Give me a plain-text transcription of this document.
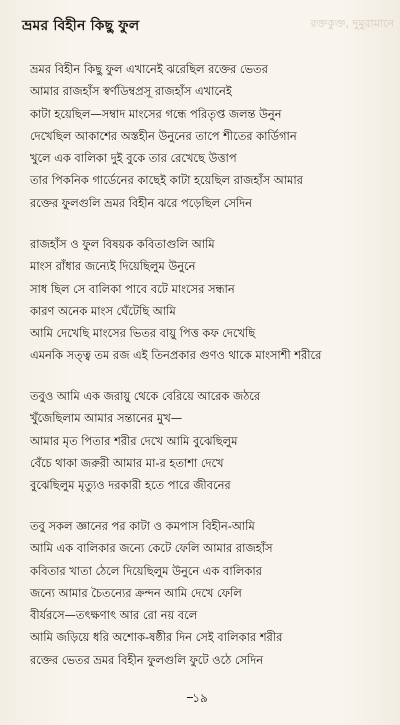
ভ্রমর বিহীন কিছু ফুল	রক্তকুক্ত, দুমুরামানে
ভ্রমর বিহীন কিছু ফুল এখানেই ঝরেছিল রক্তের ভেতর
আমার রাজহাঁস স্বর্ণডিম্বপ্রসূ রাজহাঁস এখানেই
কাটা হয়েছিল—সম্বাদ মাংসের গন্ধে পরিতৃপ্ত জলন্ত উনুন
দেখেছিল আকাশের অস্তহীন উনুনের তাপে শীতের কার্ডিগান
খুলে এক বালিকা দুই বুকে তার রেখেছে উত্তাপ
তার পিকনিক গার্ডেনের কাছেই কাটা হয়েছিল রাজহাঁস আমার
রক্তের ফুলগুলি ভ্রমর বিহীন ঝরে পড়েছিল সেদিন
রাজহাঁস ও ফুল বিষয়ক কবিতাগুলি আমি
মাংস রাঁধার জন্যেই দিয়েছিলুম উনুনে
সাধ ছিল সে বালিকা পাবে বটে মাংসের সন্ধান
কারণ অনেক মাংস ঘেঁটেছি আমি
আমি দেখেছি মাংসের ভিতর বায়ু পিত্ত কফ দেখেছি
এমনকি সত্ত্ব তম রজ এই তিনপ্রকার গুণও থাকে মাংসাশী শরীরে
তবুও আমি এক জরায়ু থেকে বেরিয়ে আরেক জঠরে
খুঁজেছিলাম আমার সন্তানের মুখ—
আমার মৃত পিতার শরীর দেখে আমি বুঝেছিলুম
বেঁচে থাকা জরুরী আমার মা-র হতাশা দেখে
বুঝেছিলুম মৃত্যুও দরকারী হতে পারে জীবনের
তবু সকল জ্ঞানের পর কাটা ও কমপাস বিহীন-আমি
আমি এক বালিকার জন্যে কেটে ফেলি আমার রাজহাঁস
কবিতার খাতা ঠেলে দিয়েছিলুম উনুনে এক বালিকার
জন্যে আমার চৈতন্যের ক্রন্দন আমি দেখে ফেলি
বীর্যরসে—তৎক্ষণাৎ আর রো নয় বলে
আমি জড়িয়ে ধরি অশোক-ষষ্ঠীর দিন সেই বালিকার শরীর
রক্তের ভেতর ভ্রমর বিহীন ফুলগুলি ফুটে ওঠে সেদিন
১৯
